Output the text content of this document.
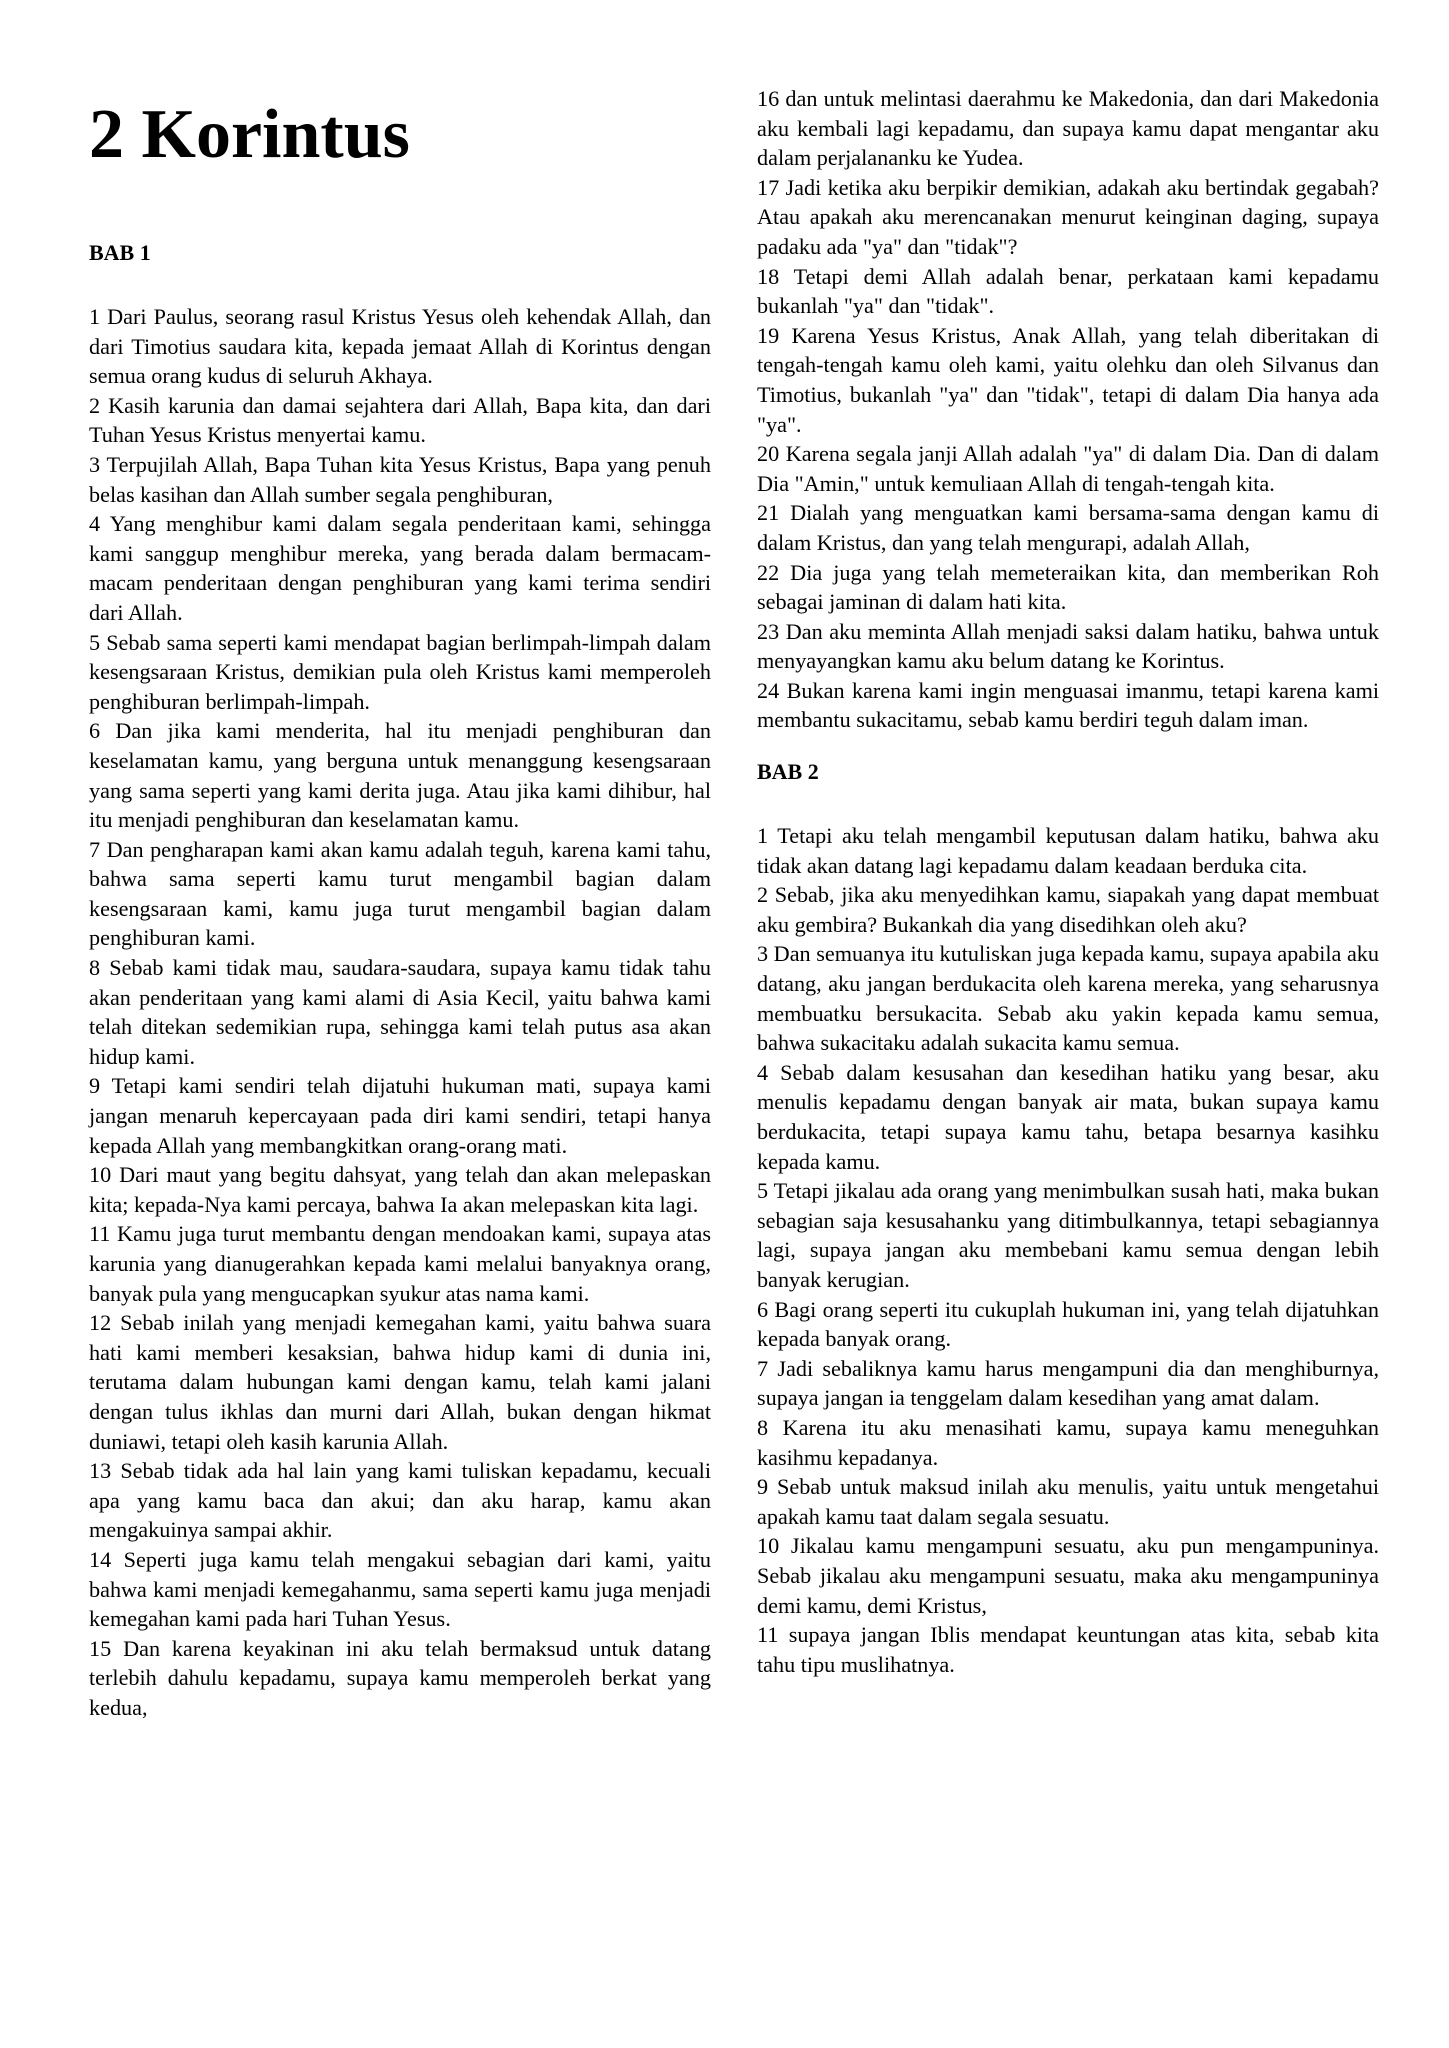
2 Korintus
BAB 1

1 Dari Paulus, seorang rasul Kristus Yesus oleh kehendak Allah, dan dari Timotius saudara kita, kepada jemaat Allah di Korintus dengan semua orang kudus di seluruh Akhaya.

2 Kasih karunia dan damai sejahtera dari Allah, Bapa kita, dan dari Tuhan Yesus Kristus menyertai kamu.

3 Terpujilah Allah, Bapa Tuhan kita Yesus Kristus, Bapa yang penuh belas kasihan dan Allah sumber segala penghiburan,

4 Yang menghibur kami dalam segala penderitaan kami, sehingga kami sanggup menghibur mereka, yang berada dalam bermacam-macam penderitaan dengan penghiburan yang kami terima sendiri dari Allah.

5 Sebab sama seperti kami mendapat bagian berlimpah-limpah dalam kesengsaraan Kristus, demikian pula oleh Kristus kami memperoleh penghiburan berlimpah-limpah.

6 Dan jika kami menderita, hal itu menjadi penghiburan dan keselamatan kamu, yang berguna untuk menanggung kesengsaraan yang sama seperti yang kami derita juga. Atau jika kami dihibur, hal itu menjadi penghiburan dan keselamatan kamu.

7 Dan pengharapan kami akan kamu adalah teguh, karena kami tahu, bahwa sama seperti kamu turut mengambil bagian dalam kesengsaraan kami, kamu juga turut mengambil bagian dalam penghiburan kami.

8 Sebab kami tidak mau, saudara-saudara, supaya kamu tidak tahu akan penderitaan yang kami alami di Asia Kecil, yaitu bahwa kami telah ditekan sedemikian rupa, sehingga kami telah putus asa akan hidup kami.

9 Tetapi kami sendiri telah dijatuhi hukuman mati, supaya kami jangan menaruh kepercayaan pada diri kami sendiri, tetapi hanya kepada Allah yang membangkitkan orang-orang mati.

10 Dari maut yang begitu dahsyat, yang telah dan akan melepaskan kita; kepada-Nya kami percaya, bahwa Ia akan melepaskan kita lagi.

11 Kamu juga turut membantu dengan mendoakan kami, supaya atas karunia yang dianugerahkan kepada kami melalui banyaknya orang, banyak pula yang mengucapkan syukur atas nama kami.

12 Sebab inilah yang menjadi kemegahan kami, yaitu bahwa suara hati kami memberi kesaksian, bahwa hidup kami di dunia ini, terutama dalam hubungan kami dengan kamu, telah kami jalani dengan tulus ikhlas dan murni dari Allah, bukan dengan hikmat duniawi, tetapi oleh kasih karunia Allah.

13 Sebab tidak ada hal lain yang kami tuliskan kepadamu, kecuali apa yang kamu baca dan akui; dan aku harap, kamu akan mengakuinya sampai akhir.

14 Seperti juga kamu telah mengakui sebagian dari kami, yaitu bahwa kami menjadi kemegahanmu, sama seperti kamu juga menjadi kemegahan kami pada hari Tuhan Yesus.

15 Dan karena keyakinan ini aku telah bermaksud untuk datang terlebih dahulu kepadamu, supaya kamu memperoleh berkat yang kedua,

16 dan untuk melintasi daerahmu ke Makedonia, dan dari Makedonia aku kembali lagi kepadamu, dan supaya kamu dapat mengantar aku dalam perjalananku ke Yudea.

17 Jadi ketika aku berpikir demikian, adakah aku bertindak gegabah? Atau apakah aku merencanakan menurut keinginan daging, supaya padaku ada "ya" dan "tidak"?

18 Tetapi demi Allah adalah benar, perkataan kami kepadamu bukanlah "ya" dan "tidak".

19 Karena Yesus Kristus, Anak Allah, yang telah diberitakan di tengah-tengah kamu oleh kami, yaitu olehku dan oleh Silvanus dan Timotius, bukanlah "ya" dan "tidak", tetapi di dalam Dia hanya ada "ya".

20 Karena segala janji Allah adalah "ya" di dalam Dia. Dan di dalam Dia "Amin," untuk kemuliaan Allah di tengah-tengah kita.

21 Dialah yang menguatkan kami bersama-sama dengan kamu di dalam Kristus, dan yang telah mengurapi, adalah Allah,

22 Dia juga yang telah memeteraikan kita, dan memberikan Roh sebagai jaminan di dalam hati kita.

23 Dan aku meminta Allah menjadi saksi dalam hatiku, bahwa untuk menyayangkan kamu aku belum datang ke Korintus.

24 Bukan karena kami ingin menguasai imanmu, tetapi karena kami membantu sukacitamu, sebab kamu berdiri teguh dalam iman.

BAB 2

1 Tetapi aku telah mengambil keputusan dalam hatiku, bahwa aku tidak akan datang lagi kepadamu dalam keadaan berduka cita.

2 Sebab, jika aku menyedihkan kamu, siapakah yang dapat membuat aku gembira? Bukankah dia yang disedihkan oleh aku?

3 Dan semuanya itu kutuliskan juga kepada kamu, supaya apabila aku datang, aku jangan berdukacita oleh karena mereka, yang seharusnya membuatku bersukacita. Sebab aku yakin kepada kamu semua, bahwa sukacitaku adalah sukacita kamu semua.

4 Sebab dalam kesusahan dan kesedihan hatiku yang besar, aku menulis kepadamu dengan banyak air mata, bukan supaya kamu berdukacita, tetapi supaya kamu tahu, betapa besarnya kasihku kepada kamu.

5 Tetapi jikalau ada orang yang menimbulkan susah hati, maka bukan sebagian saja kesusahanku yang ditimbulkannya, tetapi sebagiannya lagi, supaya jangan aku membebani kamu semua dengan lebih banyak kerugian.

6 Bagi orang seperti itu cukuplah hukuman ini, yang telah dijatuhkan kepada banyak orang.

7 Jadi sebaliknya kamu harus mengampuni dia dan menghiburnya, supaya jangan ia tenggelam dalam kesedihan yang amat dalam.

8 Karena itu aku menasihati kamu, supaya kamu meneguhkan kasihmu kepadanya.

9 Sebab untuk maksud inilah aku menulis, yaitu untuk mengetahui apakah kamu taat dalam segala sesuatu.

10 Jikalau kamu mengampuni sesuatu, aku pun mengampuninya. Sebab jikalau aku mengampuni sesuatu, maka aku mengampuninya demi kamu, demi Kristus,

11 supaya jangan Iblis mendapat keuntungan atas kita, sebab kita tahu tipu muslihatnya.
